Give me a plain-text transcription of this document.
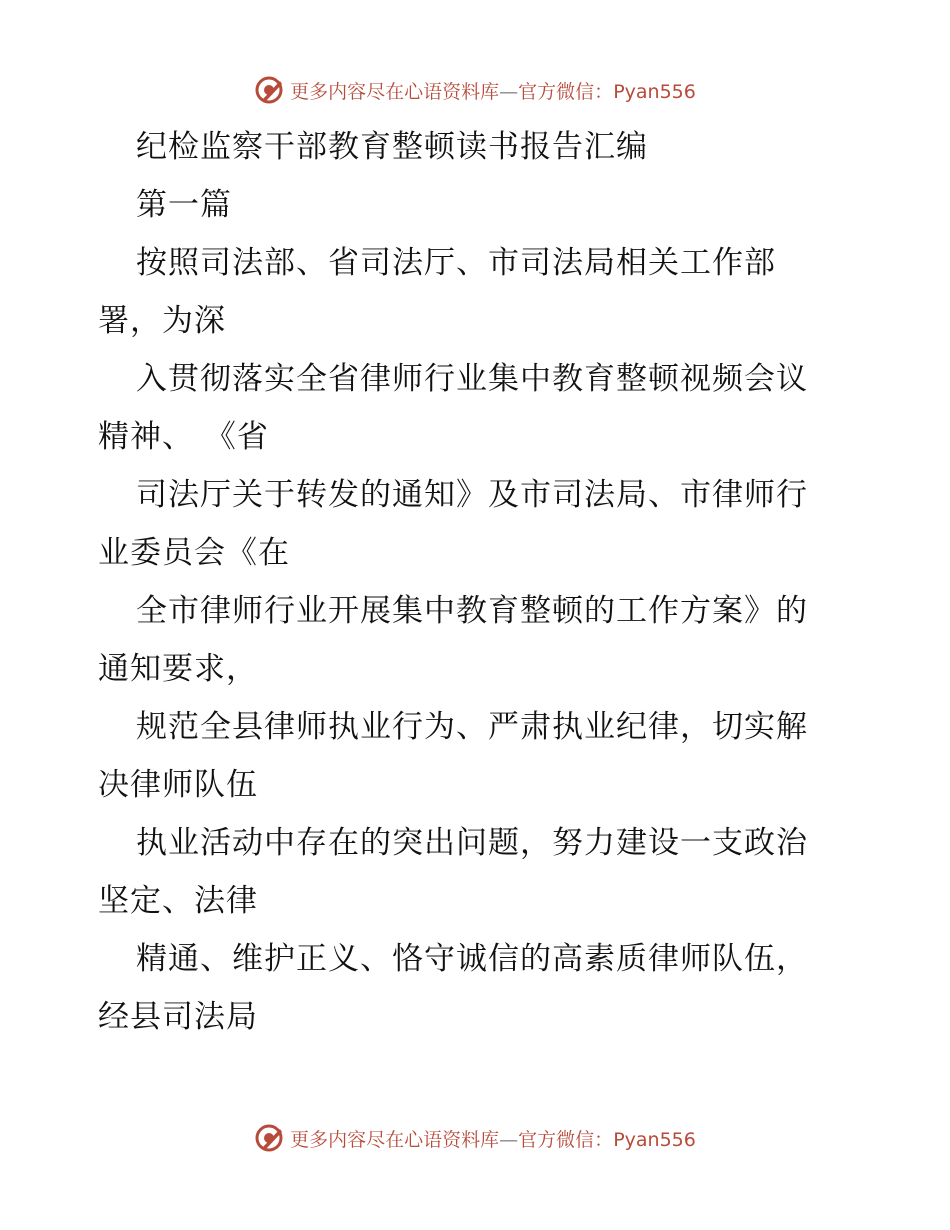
更多内容尽在心语资料库—官方微信：Pyan556
纪检监察干部教育整顿读书报告汇编
第一篇
按照司法部、省司法厅、市司法局相关工作部
署，为深
入贯彻落实全省律师行业集中教育整顿视频会议
精神、 《省
司法厅关于转发的通知》及市司法局、市律师行
业委员会《在
全市律师行业开展集中教育整顿的工作方案》的
通知要求，
规范全县律师执业行为、严肃执业纪律，切实解
决律师队伍
执业活动中存在的突出问题，努力建设一支政治
坚定、法律
精通、维护正义、恪守诚信的高素质律师队伍，
经县司法局
更多内容尽在心语资料库—官方微信：Pyan556
